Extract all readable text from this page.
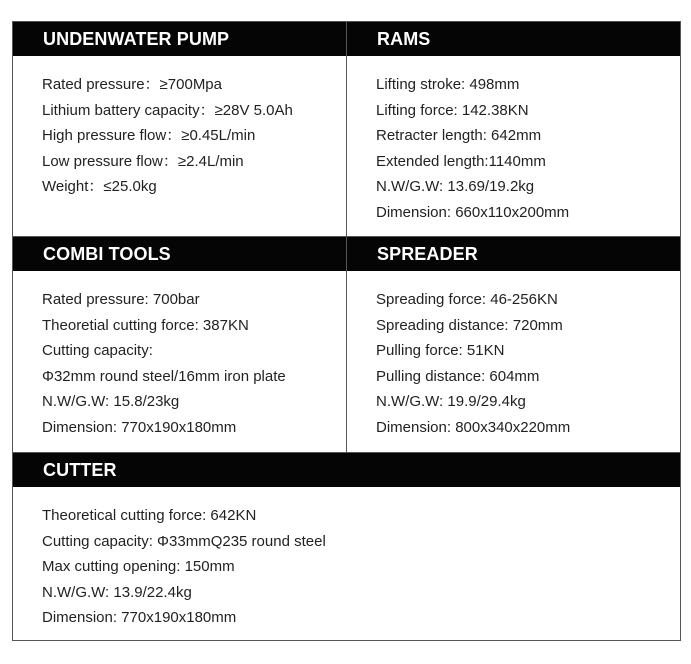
UNDENWATER PUMP
Rated pressure：≥700Mpa
Lithium battery capacity：≥28V 5.0Ah
High pressure flow：≥0.45L/min
Low pressure flow：≥2.4L/min
Weight：≤25.0kg
RAMS
Lifting stroke: 498mm
Lifting force: 142.38KN
Retracter length: 642mm
Extended length:1140mm
N.W/G.W: 13.69/19.2kg
Dimension: 660x110x200mm
COMBI TOOLS
Rated pressure: 700bar
Theoretial cutting force: 387KN
Cutting capacity:
Φ32mm round steel/16mm iron plate
N.W/G.W: 15.8/23kg
Dimension: 770x190x180mm
SPREADER
Spreading force: 46-256KN
Spreading distance: 720mm
Pulling force: 51KN
Pulling distance: 604mm
N.W/G.W: 19.9/29.4kg
Dimension: 800x340x220mm
CUTTER
Theoretical cutting force: 642KN
Cutting capacity: Φ33mmQ235 round steel
Max cutting opening: 150mm
N.W/G.W: 13.9/22.4kg
Dimension: 770x190x180mm
